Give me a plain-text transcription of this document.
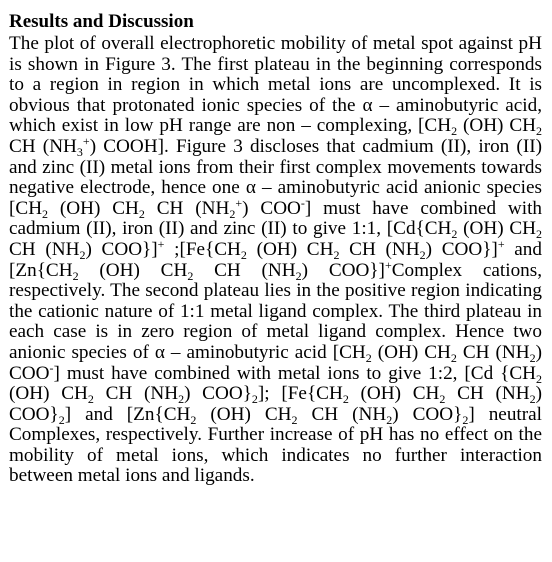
Results and Discussion

The plot of overall electrophoretic mobility of metal spot against pH is shown in Figure 3. The first plateau in the beginning corresponds to a region in region in which metal ions are uncomplexed. It is obvious that protonated ionic species of the α – aminobutyric acid, which exist in low pH range are non – complexing, [$CH_2$ (OH) $CH_2$ CH $(NH_3^+)$ COOH]. Figure 3 discloses that cadmium (II), iron (II) and zinc (II) metal ions from their first complex movements towards negative electrode, hence one α – aminobutyric acid anionic species [$CH_2$ (OH) $CH_2$ CH $(NH_2^+)$ COO-] must have combined with cadmium (II), iron (II) and zinc (II) to give 1:1, [$Cd\{CH_2$ (OH) $CH_2$ CH $(NH_2)$ COO}]+ $;[Fe\{CH_2$ (OH) $CH_2$ CH $(NH_2)$ COO}]+ and [$Zn\{CH_2$ (OH) $CH_2$ CH $(NH_2)$ COO}]+Complex cations, respectively. The second plateau lies in the positive region indicating the cationic nature of 1:1 metal ligand complex. The third plateau in each case is in zero region of metal ligand complex. Hence two anionic species of α – aminobutyric acid [$CH_2$ (OH) $CH_2$ CH $(NH_2)$ COO-] must have combined with metal ions to give 1:2, [Cd {$CH_2$ (OH) $CH_2$ CH $(NH_2)$ $COO\}_2$]; [$Fe\{CH_2$ (OH) $CH_2$ CH $(NH_2)$ $COO\}_2$] and [$Zn\{CH_2$ (OH) $CH_2$ CH $(NH_2)$ $COO\}_2$] neutral Complexes, respectively. Further increase of pH has no effect on the mobility of metal ions, which indicates no further interaction between metal ions and ligands.
